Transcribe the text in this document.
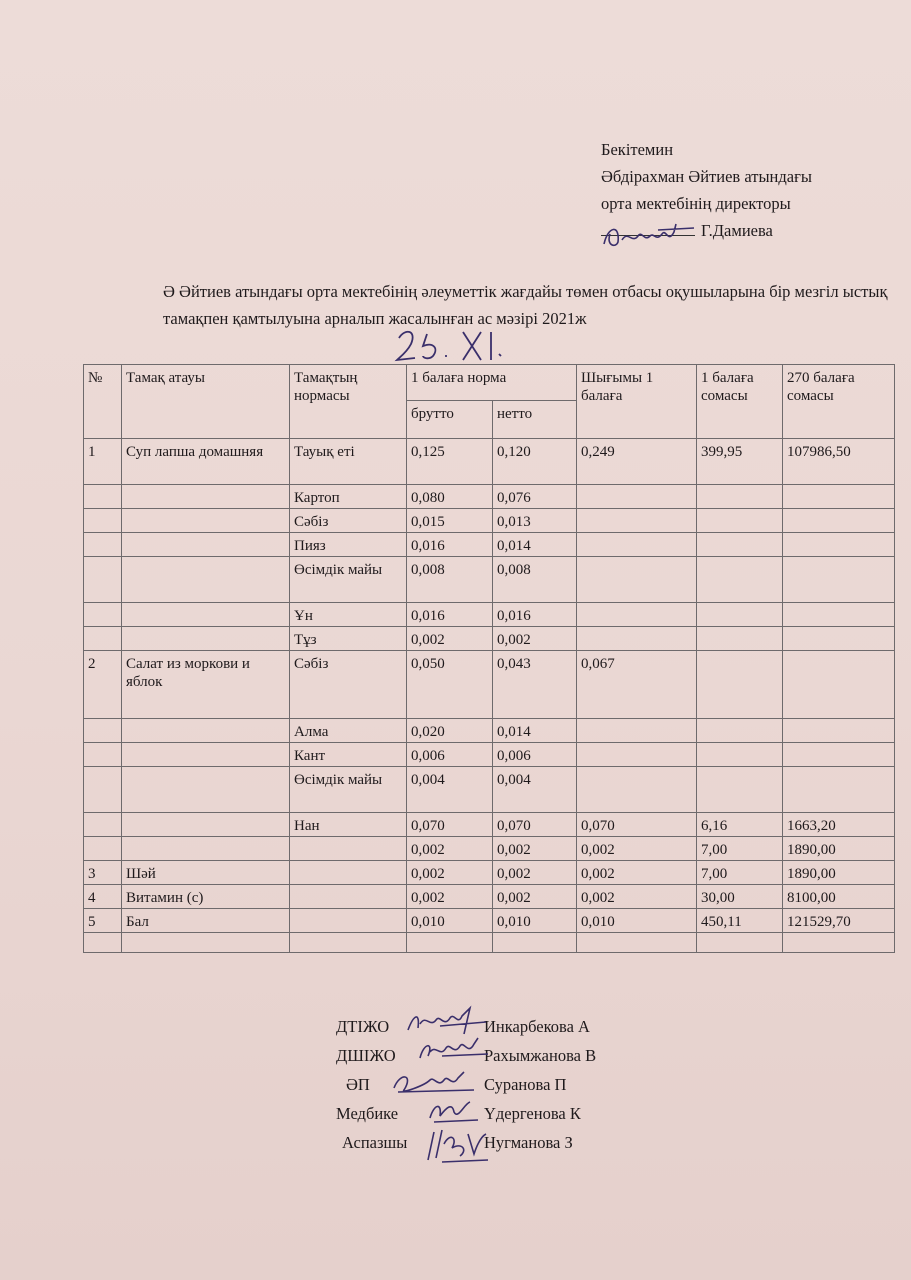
Бекітемин
Әбдірахман Әйтиев атындағы
орта мектебінің директоры
Г.Дамиева
Ә Әйтиев атындағы орта мектебінің әлеуметтік жағдайы төмен отбасы оқушыларына бір мезгіл ыстық тамақпен қамтылуына арналып жасалынған ас мәзірі 2021ж
№	Тамақ атауы	Тамақтың нормасы	1 балаға норма		Шығымы 1 балаға	1 балаға сомасы	270 балаға сомасы
			брутто	нетто			
1	Суп лапша домашняя	Тауық еті	0,125	0,120	0,249	399,95	107986,50
		Картоп	0,080	0,076			
		Сәбіз	0,015	0,013			
		Пияз	0,016	0,014			
		Өсімдік майы	0,008	0,008			
		Ұн	0,016	0,016			
		Тұз	0,002	0,002			
2	Салат из моркови и яблок	Сәбіз	0,050	0,043	0,067		
		Алма	0,020	0,014			
		Кант	0,006	0,006			
		Өсімдік майы	0,004	0,004			
		Нан	0,070	0,070	0,070	6,16	1663,20
			0,002	0,002	0,002	7,00	1890,00
3	Шәй		0,002	0,002	0,002	7,00	1890,00
4	Витамин (с)		0,002	0,002	0,002	30,00	8100,00
5	Бал		0,010	0,010	0,010	450,11	121529,70

ДТІЖО	Инкарбекова А
ДШІЖО	Рахымжанова В
ӘП	Суранова П
Медбике	Үдергенова К
Аспазшы	Нугманова З
